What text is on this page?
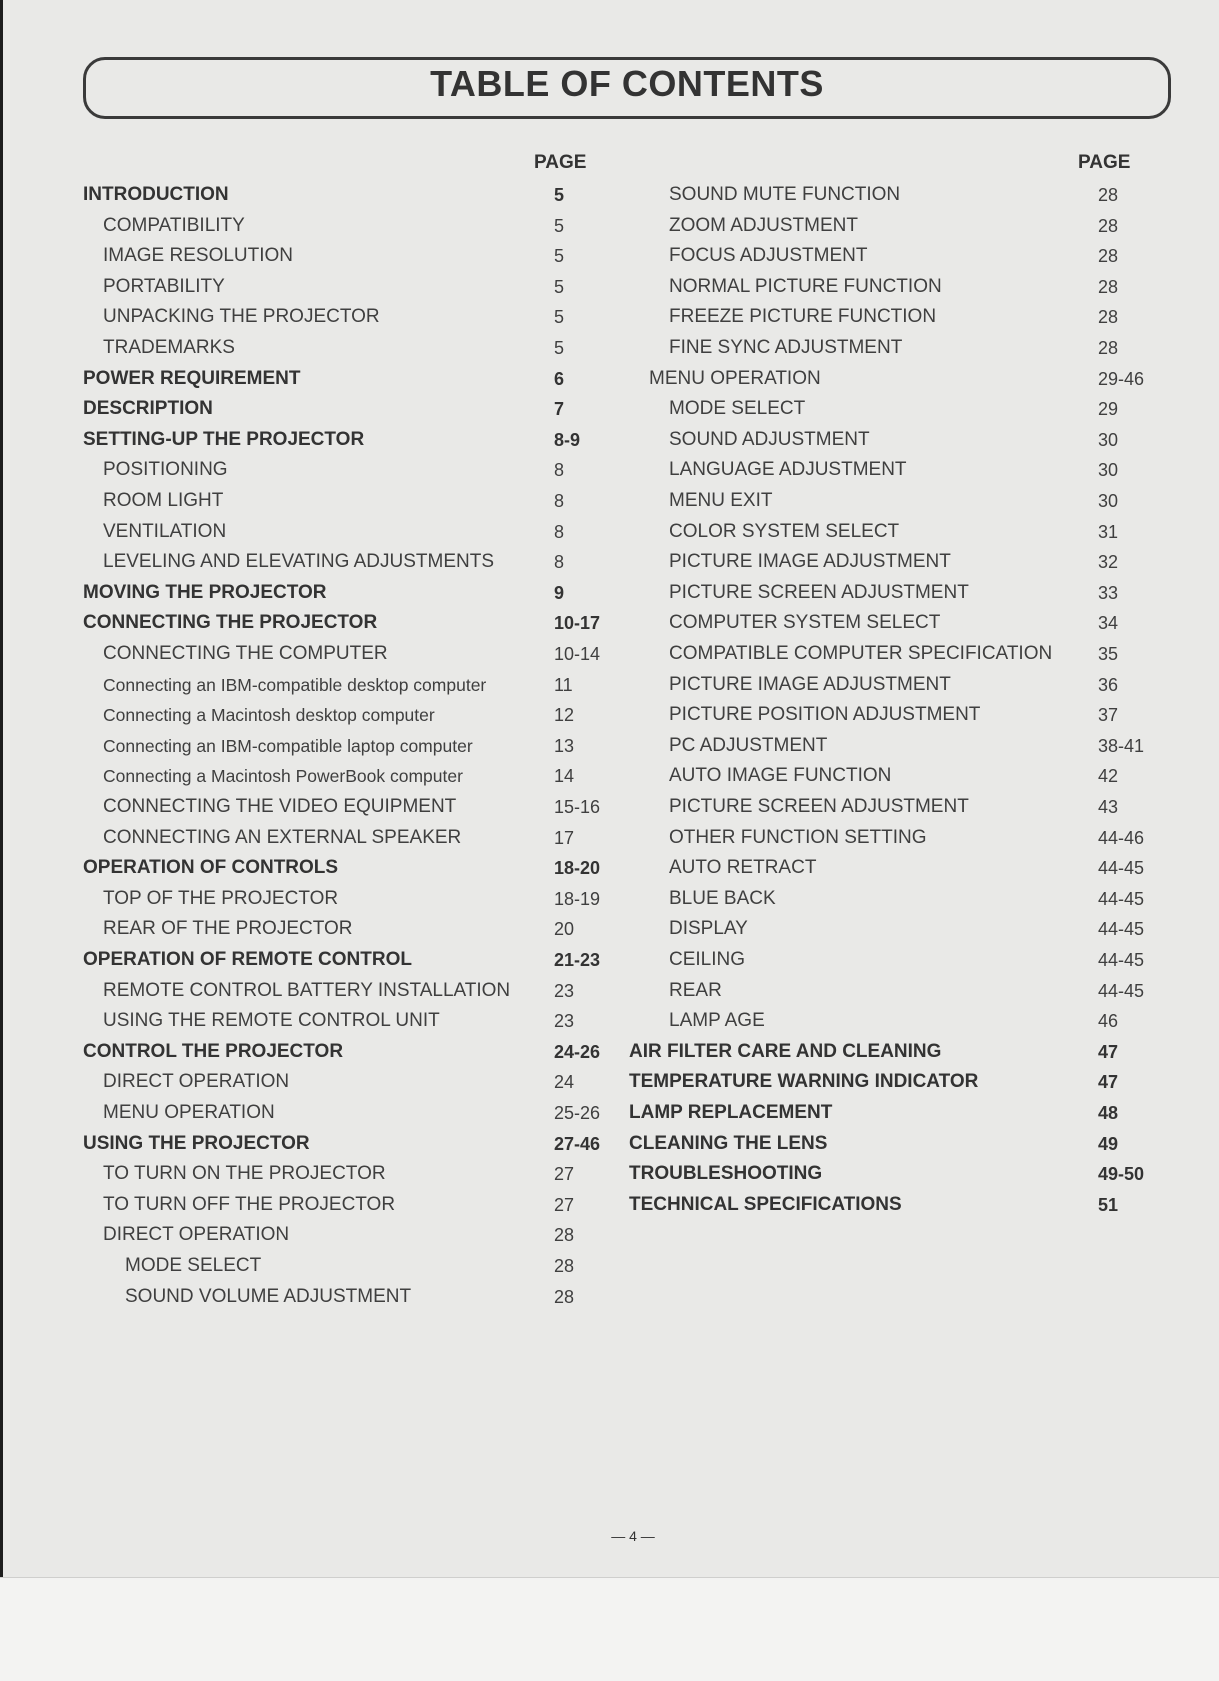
TABLE OF CONTENTS
PAGE	PAGE
INTRODUCTION	5
COMPATIBILITY	5
IMAGE RESOLUTION	5
PORTABILITY	5
UNPACKING THE PROJECTOR	5
TRADEMARKS	5
POWER REQUIREMENT	6
DESCRIPTION	7
SETTING-UP THE PROJECTOR	8-9
POSITIONING	8
ROOM LIGHT	8
VENTILATION	8
LEVELING AND ELEVATING ADJUSTMENTS	8
MOVING THE PROJECTOR	9
CONNECTING THE PROJECTOR	10-17
CONNECTING THE COMPUTER	10-14
Connecting an IBM-compatible desktop computer	11
Connecting a Macintosh desktop computer	12
Connecting an IBM-compatible laptop computer	13
Connecting a Macintosh PowerBook computer	14
CONNECTING THE VIDEO EQUIPMENT	15-16
CONNECTING AN EXTERNAL SPEAKER	17
OPERATION OF CONTROLS	18-20
TOP OF THE PROJECTOR	18-19
REAR OF THE PROJECTOR	20
OPERATION OF REMOTE CONTROL	21-23
REMOTE CONTROL BATTERY INSTALLATION 23
USING THE REMOTE CONTROL UNIT	23
CONTROL THE PROJECTOR	24-26
DIRECT OPERATION	24
MENU OPERATION	25-26
USING THE PROJECTOR	27-46
TO TURN ON THE PROJECTOR	27
TO TURN OFF THE PROJECTOR	27
DIRECT OPERATION	28
MODE SELECT	28
SOUND VOLUME ADJUSTMENT	28
SOUND MUTE FUNCTION	28
ZOOM ADJUSTMENT	28
FOCUS ADJUSTMENT	28
NORMAL PICTURE FUNCTION	28
FREEZE PICTURE FUNCTION	28
FINE SYNC ADJUSTMENT	28
MENU OPERATION	29-46
MODE SELECT	29
SOUND ADJUSTMENT	30
LANGUAGE ADJUSTMENT	30
MENU EXIT	30
COLOR SYSTEM SELECT	31
PICTURE IMAGE ADJUSTMENT	32
PICTURE SCREEN ADJUSTMENT	33
COMPUTER SYSTEM SELECT	34
COMPATIBLE COMPUTER SPECIFICATION	35
PICTURE IMAGE ADJUSTMENT	36
PICTURE POSITION ADJUSTMENT	37
PC ADJUSTMENT	38-41
AUTO IMAGE FUNCTION	42
PICTURE SCREEN ADJUSTMENT	43
OTHER FUNCTION SETTING	44-46
AUTO RETRACT	44-45
BLUE BACK	44-45
DISPLAY	44-45
CEILING	44-45
REAR	44-45
LAMP AGE	46
AIR FILTER CARE AND CLEANING	47
TEMPERATURE WARNING INDICATOR	47
LAMP REPLACEMENT	48
CLEANING THE LENS	49
TROUBLESHOOTING	49-50
TECHNICAL SPECIFICATIONS	51
— 4 —
